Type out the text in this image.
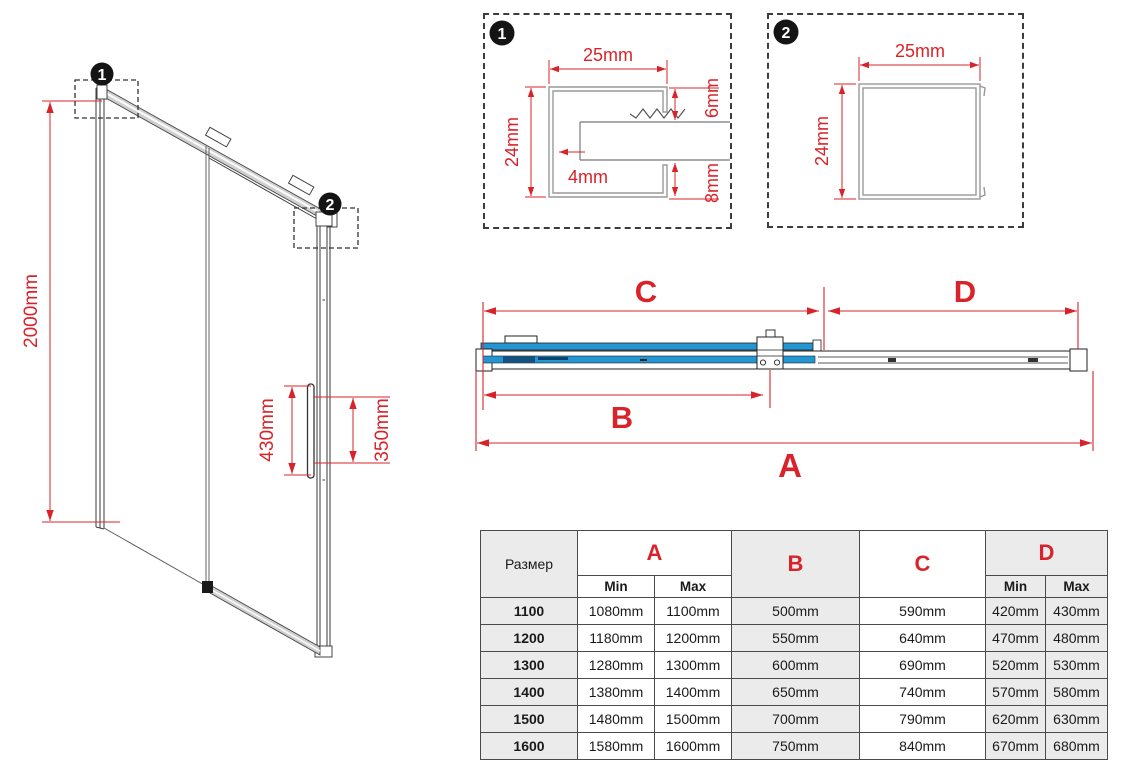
2000mm
430mm	350mm
1
2
25mm
24mm
6mm
4mm	8mm
1
25mm
24mm
2
C	D
B
A
Размер	A		B	C	D	
	Min	Max			Min	Max
1100	1080mm	1100mm	500mm	590mm	420mm	430mm
1200	1180mm	1200mm	550mm	640mm	470mm	480mm
1300	1280mm	1300mm	600mm	690mm	520mm	530mm
1400	1380mm	1400mm	650mm	740mm	570mm	580mm
1500	1480mm	1500mm	700mm	790mm	620mm	630mm
1600	1580mm	1600mm	750mm	840mm	670mm	680mm
